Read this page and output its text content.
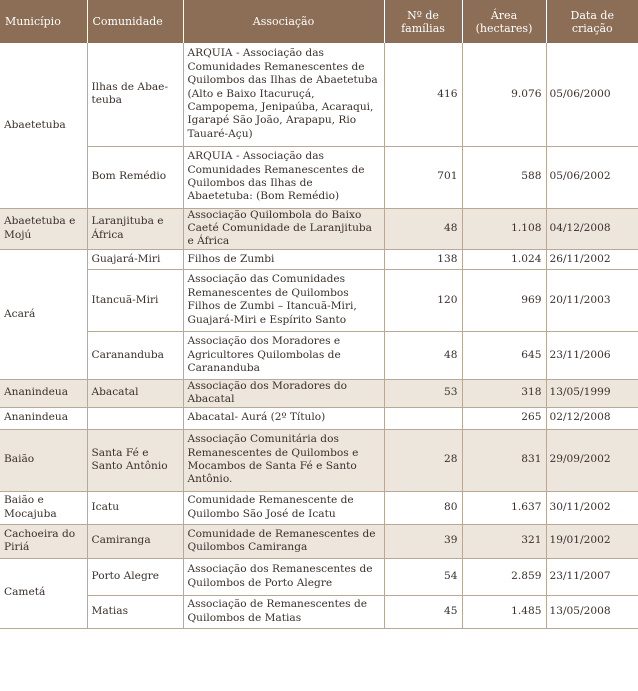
Município	Comunidade	Associação	Nº de famílias	Área (hectares)	Data de criação
Abaetetuba	Ilhas de Abae-teuba	ARQUIA - Associação das Comunidades Remanescentes de Quilombos das Ilhas de Abaetetuba (Alto e Baixo Itacuruçá, Campopema, Jenipaúba, Acaraqui, Igarapé São João, Arapapu, Rio Tauaré-Açu)	416	9.076	05/06/2000
	Bom Remédio	ARQUIA - Associação das Comunidades Remanescentes de Quilombos das Ilhas de Abaetetuba: (Bom Remédio)	701	588	05/06/2002
Abaetetuba e Mojú	Laranjituba e África	Associação Quilombola do Baixo Caeté Comunidade de Laranjituba e África	48	1.108	04/12/2008
Acará	Guajará-Miri	Filhos de Zumbi	138	1.024	26/11/2002
	Itancuã-Miri	Associação das Comunidades Remanescentes de Quilombos Filhos de Zumbi – Itancuã-Miri, Guajará-Miri e Espírito Santo	120	969	20/11/2003
	Carananduba	Associação dos Moradores e Agricultores Quilombolas de Carananduba	48	645	23/11/2006
Ananindeua	Abacatal	Associação dos Moradores do Abacatal	53	318	13/05/1999
Ananindeua		Abacatal- Aurá (2º Título)		265	02/12/2008
Baião	Santa Fé e Santo Antônio	Associação Comunitária dos Remanescentes de Quilombos e Mocambos de Santa Fé e Santo Antônio.	28	831	29/09/2002
Baião e Mocajuba	Icatu	Comunidade Remanescente de Quilombo São José de Icatu	80	1.637	30/11/2002
Cachoeira do Piriá	Camiranga	Comunidade de Remanescentes de Quilombos Camiranga	39	321	19/01/2002
Cametá	Porto Alegre	Associação dos Remanescentes de Quilombos de Porto Alegre	54	2.859	23/11/2007
	Matias	Associação de Remanescentes de Quilombos de Matias	45	1.485	13/05/2008
